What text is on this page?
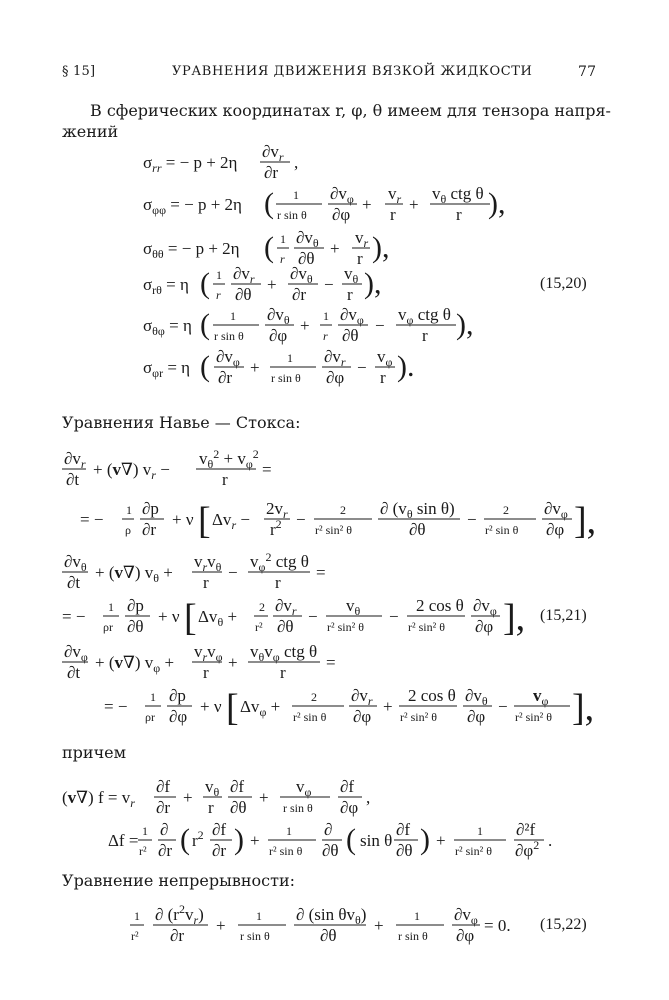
§ 15]	УРАВНЕНИЯ ДВИЖЕНИЯ ВЯЗКОЙ ЖИДКОСТИ	77
В сферических координатах r, φ, θ имеем для тензора напря-
жений
$\sigma_{rr}$ = − p + 2η
$\partial v_r$
∂r
,
$\sigma_{\varphi\varphi}$ = − p + 2η ( 1
r sin θ
$\partial v_\varphi$
∂φ
+
$v_r$
r
+
$v_\theta$ ctg θ
r ),
$\sigma_{\theta\theta}$ = − p + 2η ( 1
r
$\partial v_\theta$
∂θ
+
$v_r$
r ),
$\sigma_{r\theta} = \eta$ ( 1
r
$\partial v_r$
∂θ
+
$\partial v_\theta$
∂r
−
$v_\theta$
r ),	(15,20)
$\sigma_{\theta\varphi} = \eta$ ( 1
r sin θ
$\partial v_\theta$
∂φ
+ 1
r
$\partial v_\varphi$
∂θ
−
$v_\varphi$ ctg θ
r ),
$\sigma_{\varphi r} = \eta$ ( $\partial v_\varphi$
∂r
+ 1
r sin θ
$\partial v_r$
∂φ
−
$v_\varphi$
r ).
Уравнения Навье — Стокса:
$\partial v_r$
∂t
+ (v∇) $v_r$ −
$v_\theta^2 + v_\varphi^2$
r
=
= − 1
ρ
∂p
∂r
+ ν [ $\Delta v_r$ −
$2v_r$
$r^2$ −	2
r² sin² θ
∂ ($v_\theta$ sin θ)
∂θ
− 2
r² sin θ
$\partial v_\varphi$
∂φ ],
$\partial v_\theta$
∂t
+ (v∇) $v_\theta$ +
$v_rv_\theta$
r
−
$v_\varphi^2$ ctg θ
r
=
= − 1
ρr
∂p
∂θ
+ ν [ $\Delta v_\theta + 2$
r²
$\partial v_r$
∂θ
−
$v_\theta$
r² sin² θ
−
2 cos θ
r² sin² θ
$\partial v_\varphi$
∂φ ], (15,21)
$\partial v_\varphi$
∂t
+ (v∇) $v_\varphi$ +
$v_rv_\varphi$
r
+
$v_\theta v_\varphi$ ctg θ
r
=
= − 1
ρr
∂p
∂φ
+ ν [ $\Delta v_\varphi$ +	2
r² sin θ
$\partial v_r$
∂φ
+
2 cos θ
r² sin² θ
$\partial v_\theta$
∂φ
−
$v_\varphi$
r² sin² θ ],
причем
(v∇) $f = v_r$
∂f
∂r
+
$v_\theta$
r
∂f
∂θ
+
$v_\varphi$
r sin θ
∂f
∂φ
,
Δf = 1
r²
∂
∂r ( $r^2$ ∂f
∂r ) + 1
r² sin θ
∂
∂θ ( sin θ
∂f
∂θ ) +	1
r² sin² θ
∂²f
$\partial\varphi^2$ .
Уравнение непрерывности:
1
r²
∂ $(r^2v_r)$
∂r
+	1
r sin θ
∂ (sin $\theta v_\theta$)
∂θ
+	1
r sin θ
$\partial v_\varphi$
∂φ
= 0. (15,22)
